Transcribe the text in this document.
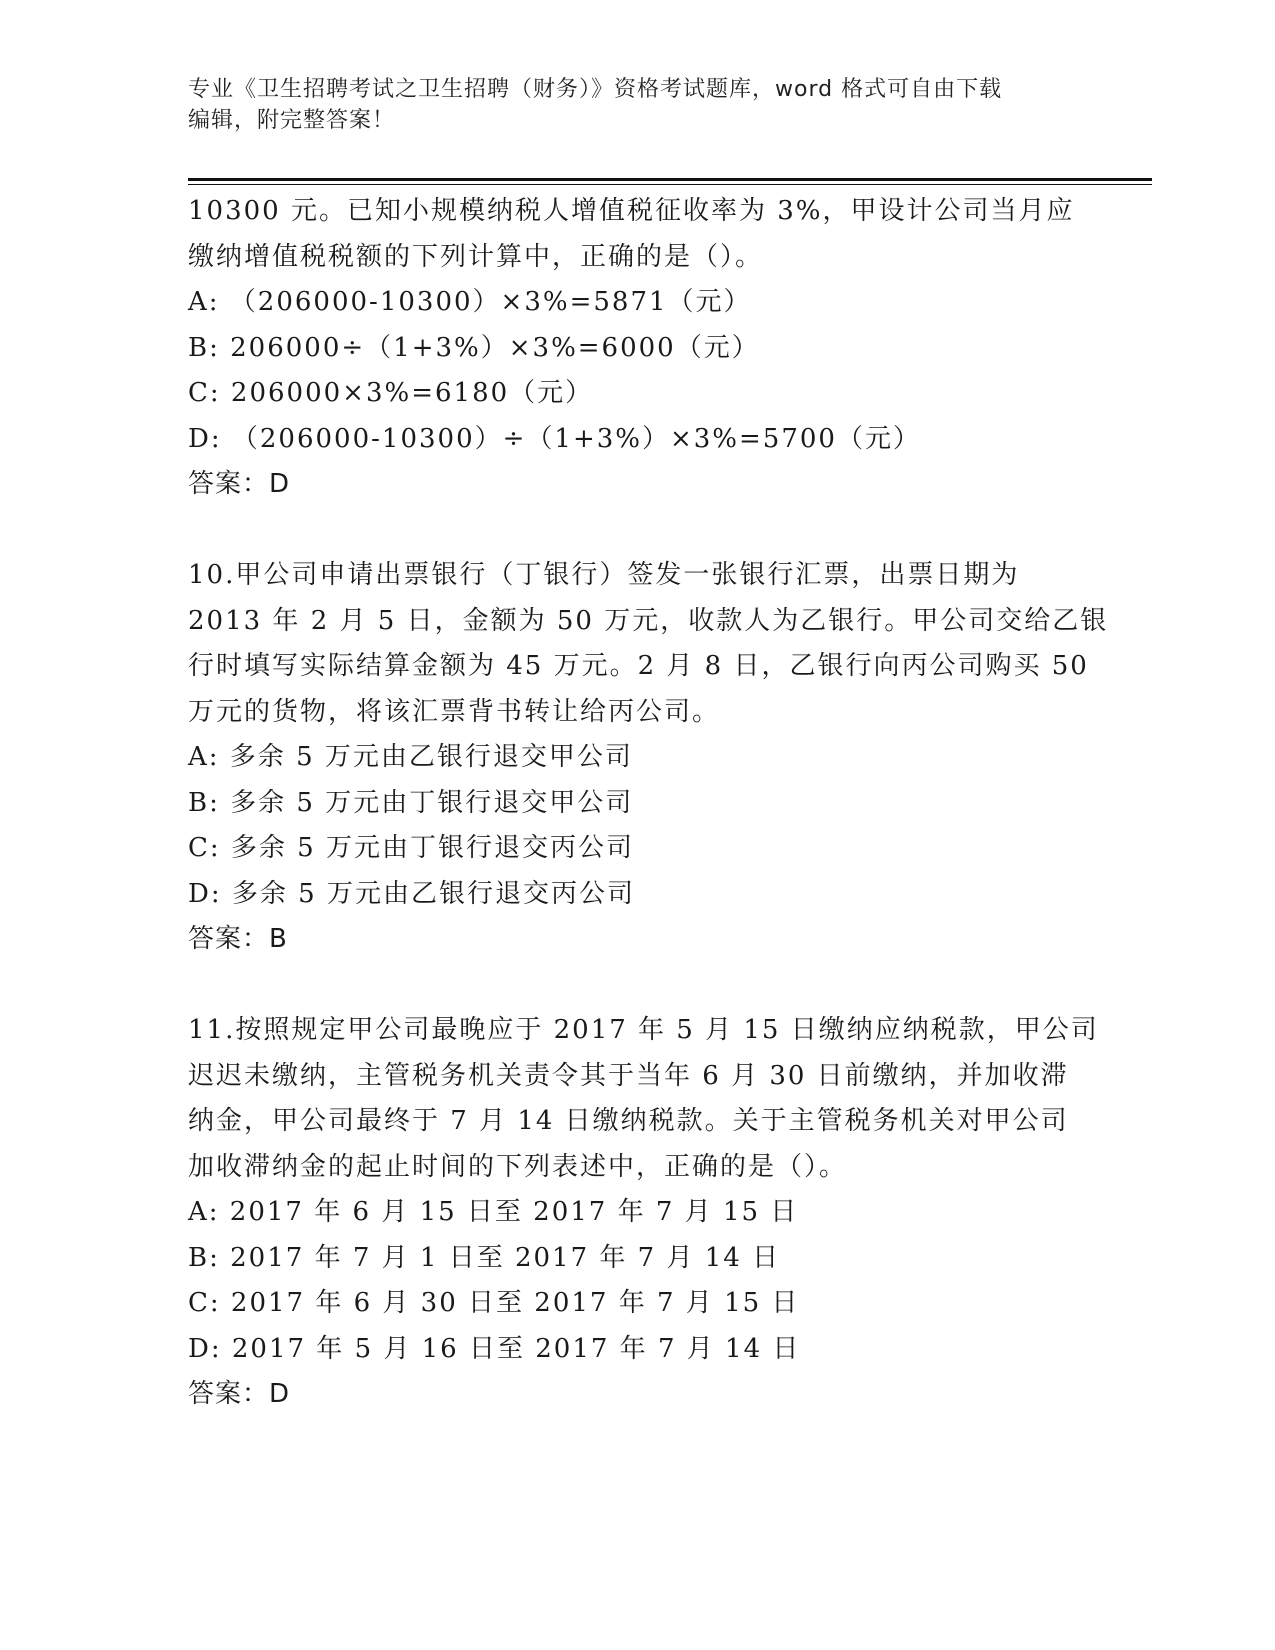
专业《卫生招聘考试之卫生招聘（财务）》资格考试题库，word 格式可自由下载
编辑，附完整答案！
10300 元。已知小规模纳税人增值税征收率为 3%，甲设计公司当月应
缴纳增值税税额的下列计算中，正确的是（）。
A: （206000-10300）×3%=5871（元）
B: 206000÷（1+3%）×3%=6000（元）
C: 206000×3%=6180（元）
D: （206000-10300）÷（1+3%）×3%=5700（元）
答案：D
10.甲公司申请出票银行（丁银行）签发一张银行汇票，出票日期为
2013 年 2 月 5 日，金额为 50 万元，收款人为乙银行。甲公司交给乙银
行时填写实际结算金额为 45 万元。2 月 8 日，乙银行向丙公司购买 50
万元的货物，将该汇票背书转让给丙公司。
A: 多余 5 万元由乙银行退交甲公司
B: 多余 5 万元由丁银行退交甲公司
C: 多余 5 万元由丁银行退交丙公司
D: 多余 5 万元由乙银行退交丙公司
答案：B
11.按照规定甲公司最晚应于 2017 年 5 月 15 日缴纳应纳税款，甲公司
迟迟未缴纳，主管税务机关责令其于当年 6 月 30 日前缴纳，并加收滞
纳金，甲公司最终于 7 月 14 日缴纳税款。关于主管税务机关对甲公司
加收滞纳金的起止时间的下列表述中，正确的是（）。
A: 2017 年 6 月 15 日至 2017 年 7 月 15 日
B: 2017 年 7 月 1 日至 2017 年 7 月 14 日
C: 2017 年 6 月 30 日至 2017 年 7 月 15 日
D: 2017 年 5 月 16 日至 2017 年 7 月 14 日
答案：D
